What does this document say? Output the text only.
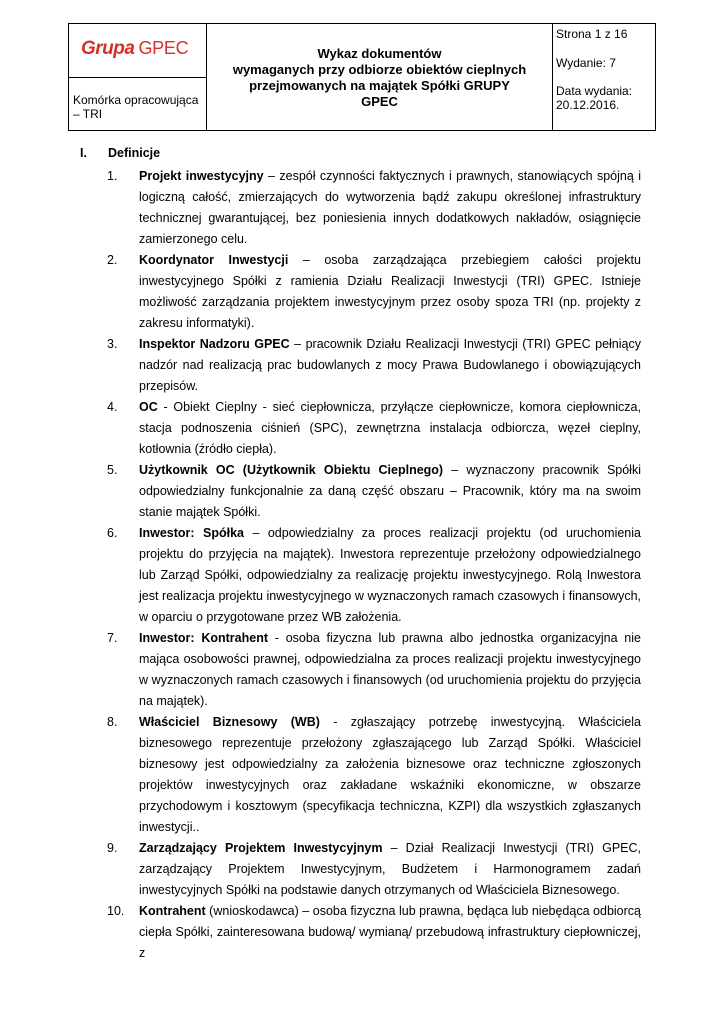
Grupa GPEC
Komórka opracowująca – TRI
Wykaz dokumentów
wymaganych przy odbiorze obiektów cieplnych
przejmowanych na majątek Spółki GRUPY GPEC
Strona 1 z 16
Wydanie: 7
Data wydania:
20.12.2016.
I.	Definicje
1.	Projekt inwestycyjny – zespół czynności faktycznych i prawnych, stanowiących spójną i logiczną całość, zmierzających do wytworzenia bądź zakupu określonej infrastruktury technicznej gwarantującej, bez poniesienia innych dodatkowych nakładów, osiągnięcie zamierzonego celu.
2.	Koordynator Inwestycji – osoba zarządzająca przebiegiem całości projektu inwestycyjnego Spółki z ramienia Działu Realizacji Inwestycji (TRI) GPEC. Istnieje możliwość zarządzania projektem inwestycyjnym przez osoby spoza TRI (np. projekty z zakresu informatyki).
3.	Inspektor Nadzoru GPEC – pracownik Działu Realizacji Inwestycji (TRI) GPEC pełniący nadzór nad realizacją prac budowlanych z mocy Prawa Budowlanego i obowiązujących przepisów.
4.	OC - Obiekt Cieplny - sieć ciepłownicza, przyłącze ciepłownicze, komora ciepłownicza, stacja podnoszenia ciśnień (SPC), zewnętrzna instalacja odbiorcza, węzeł cieplny, kotłownia (źródło ciepła).
5.	Użytkownik OC (Użytkownik Obiektu Cieplnego) – wyznaczony pracownik Spółki odpowiedzialny funkcjonalnie za daną część obszaru – Pracownik, który ma na swoim stanie majątek Spółki.
6.	Inwestor: Spółka – odpowiedzialny za proces realizacji projektu (od uruchomienia projektu do przyjęcia na majątek). Inwestora reprezentuje przełożony odpowiedzialnego lub Zarząd Spółki, odpowiedzialny za realizację projektu inwestycyjnego. Rolą Inwestora jest realizacja projektu inwestycyjnego w wyznaczonych ramach czasowych i finansowych, w oparciu o przygotowane przez WB założenia.
7.	Inwestor: Kontrahent - osoba fizyczna lub prawna albo jednostka organizacyjna nie mająca osobowości prawnej, odpowiedzialna za proces realizacji projektu inwestycyjnego w wyznaczonych ramach czasowych i finansowych (od uruchomienia projektu do przyjęcia na majątek).
8.	Właściciel Biznesowy (WB) - zgłaszający potrzebę inwestycyjną. Właściciela biznesowego reprezentuje przełożony zgłaszającego lub Zarząd Spółki. Właściciel biznesowy jest odpowiedzialny za założenia biznesowe oraz techniczne zgłoszonych projektów inwestycyjnych oraz zakładane wskaźniki ekonomiczne, w obszarze przychodowym i kosztowym (specyfikacja techniczna, KZPI) dla wszystkich zgłaszanych inwestycji..
9.	Zarządzający Projektem Inwestycyjnym – Dział Realizacji Inwestycji (TRI) GPEC, zarządzający Projektem Inwestycyjnym, Budżetem i Harmonogramem zadań inwestycyjnych Spółki na podstawie danych otrzymanych od Właściciela Biznesowego.
10.	Kontrahent (wnioskodawca) – osoba fizyczna lub prawna, będąca lub niebędąca odbiorcą ciepła Spółki, zainteresowana budową/ wymianą/ przebudową infrastruktury ciepłowniczej, z
